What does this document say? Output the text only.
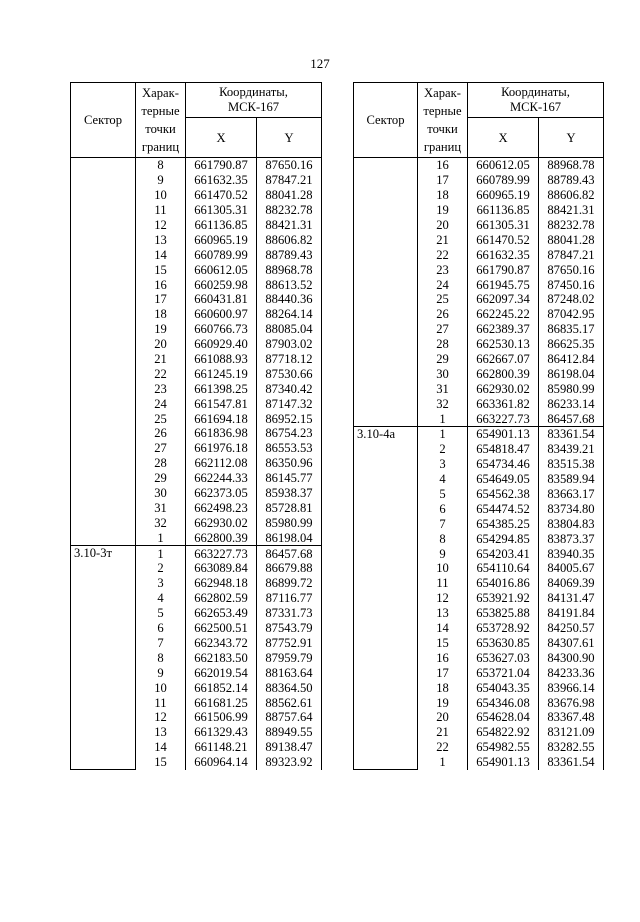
127
Сектор	Харак-
терные
точки
границ	Координаты,
МСК-167	

		X	Y
	8	661790.87	87650.16
	9	661632.35	87847.21
	10	661470.52	88041.28
	11	661305.31	88232.78
	12	661136.85	88421.31
	13	660965.19	88606.82
	14	660789.99	88789.43
	15	660612.05	88968.78
	16	660259.98	88613.52
	17	660431.81	88440.36
	18	660600.97	88264.14
	19	660766.73	88085.04
	20	660929.40	87903.02
	21	661088.93	87718.12
	22	661245.19	87530.66
	23	661398.25	87340.42
	24	661547.81	87147.32
	25	661694.18	86952.15
	26	661836.98	86754.23
	27	661976.18	86553.53
	28	662112.08	86350.96
	29	662244.33	86145.77
	30	662373.05	85938.37
	31	662498.23	85728.81
	32	662930.02	85980.99
	1	662800.39	86198.04
3.10-3т	1	663227.73	86457.68
	2	663089.84	86679.88
	3	662948.18	86899.72
	4	662802.59	87116.77
	5	662653.49	87331.73
	6	662500.51	87543.79
	7	662343.72	87752.91
	8	662183.50	87959.79
	9	662019.54	88163.64
	10	661852.14	88364.50
	11	661681.25	88562.61
	12	661506.99	88757.64
	13	661329.43	88949.55
	14	661148.21	89138.47
	15	660964.14	89323.92
Сектор	Харак-
терные
точки
границ	Координаты,
МСК-167	

		X	Y
	16	660612.05	88968.78
	17	660789.99	88789.43
	18	660965.19	88606.82
	19	661136.85	88421.31
	20	661305.31	88232.78
	21	661470.52	88041.28
	22	661632.35	87847.21
	23	661790.87	87650.16
	24	661945.75	87450.16
	25	662097.34	87248.02
	26	662245.22	87042.95
	27	662389.37	86835.17
	28	662530.13	86625.35
	29	662667.07	86412.84
	30	662800.39	86198.04
	31	662930.02	85980.99
	32	663361.82	86233.14
	1	663227.73	86457.68
3.10-4а	1	654901.13	83361.54
	2	654818.47	83439.21
	3	654734.46	83515.38
	4	654649.05	83589.94
	5	654562.38	83663.17
	6	654474.52	83734.80
	7	654385.25	83804.83
	8	654294.85	83873.37
	9	654203.41	83940.35
	10	654110.64	84005.67
	11	654016.86	84069.39
	12	653921.92	84131.47
	13	653825.88	84191.84
	14	653728.92	84250.57
	15	653630.85	84307.61
	16	653627.03	84300.90
	17	653721.04	84233.36
	18	654043.35	83966.14
	19	654346.08	83676.98
	20	654628.04	83367.48
	21	654822.92	83121.09
	22	654982.55	83282.55
	1	654901.13	83361.54
